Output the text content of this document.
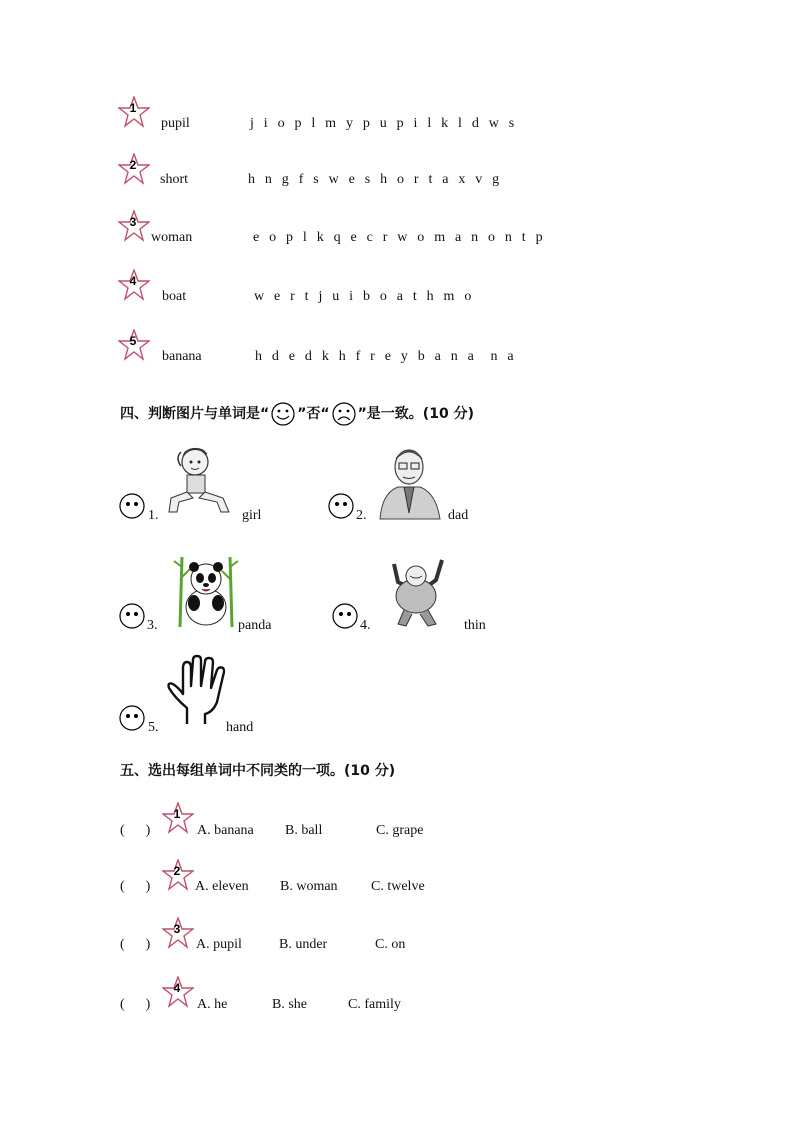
1
pupil	j i o p l m y p u p i l k l d w s
2
short	h n g f s w e s h o r t a x v g
3
woman	e o p l k q e c r w o m a n o n t p
4
boat	w e r t j u i b o a t h m o
5
banana	h d e d k h f r e y b a n a  n a
四、判断图片与单词是“ ”否“ ”是一致。(10 分)
1.	girl	2.	dad
3.	panda	4.	thin
5.	hand
五、选出每组单词中不同类的一项。(10 分)
(      )
1
A. banana B. ball	C. grape
(      )
2
A. eleven B. woman C. twelve
(      )
3
A. pupil	B. under	C. on
(      )
4
A. he	B. she	C. family
